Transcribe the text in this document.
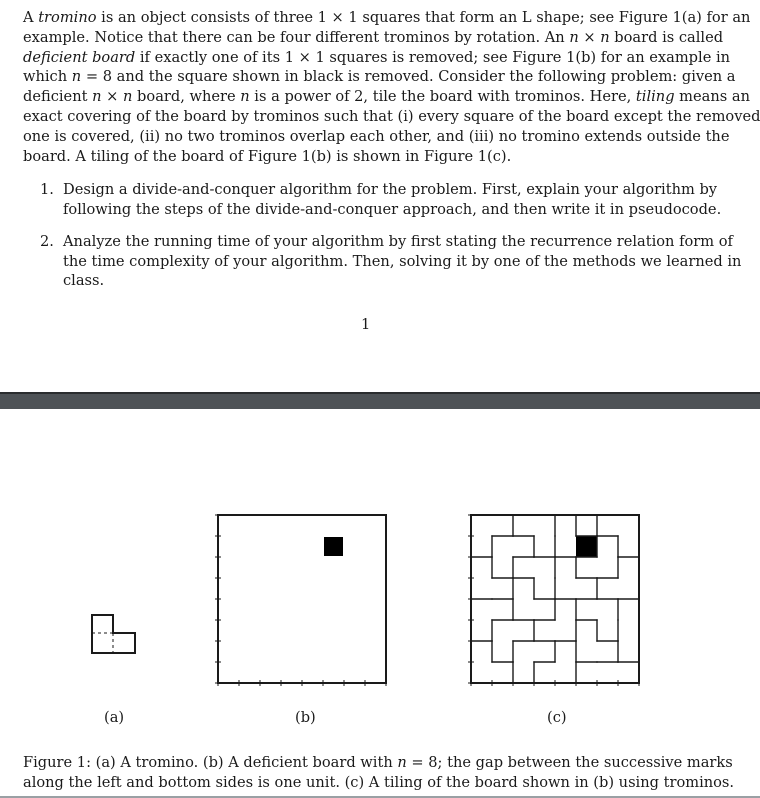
A tromino is an object consists of three 1 × 1 squares that form an L shape; see Figure 1(a) for an
example. Notice that there can be four different trominos by rotation. An n × n board is called
deficient board if exactly one of its 1 × 1 squares is removed; see Figure 1(b) for an example in
which n = 8 and the square shown in black is removed. Consider the following problem: given a
deficient n × n board, where n is a power of 2, tile the board with trominos. Here, tiling means an
exact covering of the board by trominos such that (i) every square of the board except the removed
one is covered, (ii) no two trominos overlap each other, and (iii) no tromino extends outside the
board. A tiling of the board of Figure 1(b) is shown in Figure 1(c).
1. Design a divide-and-conquer algorithm for the problem. First, explain your algorithm by
following the steps of the divide-and-conquer approach, and then write it in pseudocode.
2. Analyze the running time of your algorithm by first stating the recurrence relation form of
the time complexity of your algorithm. Then, solving it by one of the methods we learned in
class.
1
(a)	(b)	(c)
Figure 1: (a) A tromino. (b) A deficient board with n = 8; the gap between the successive marks
along the left and bottom sides is one unit. (c) A tiling of the board shown in (b) using trominos.
